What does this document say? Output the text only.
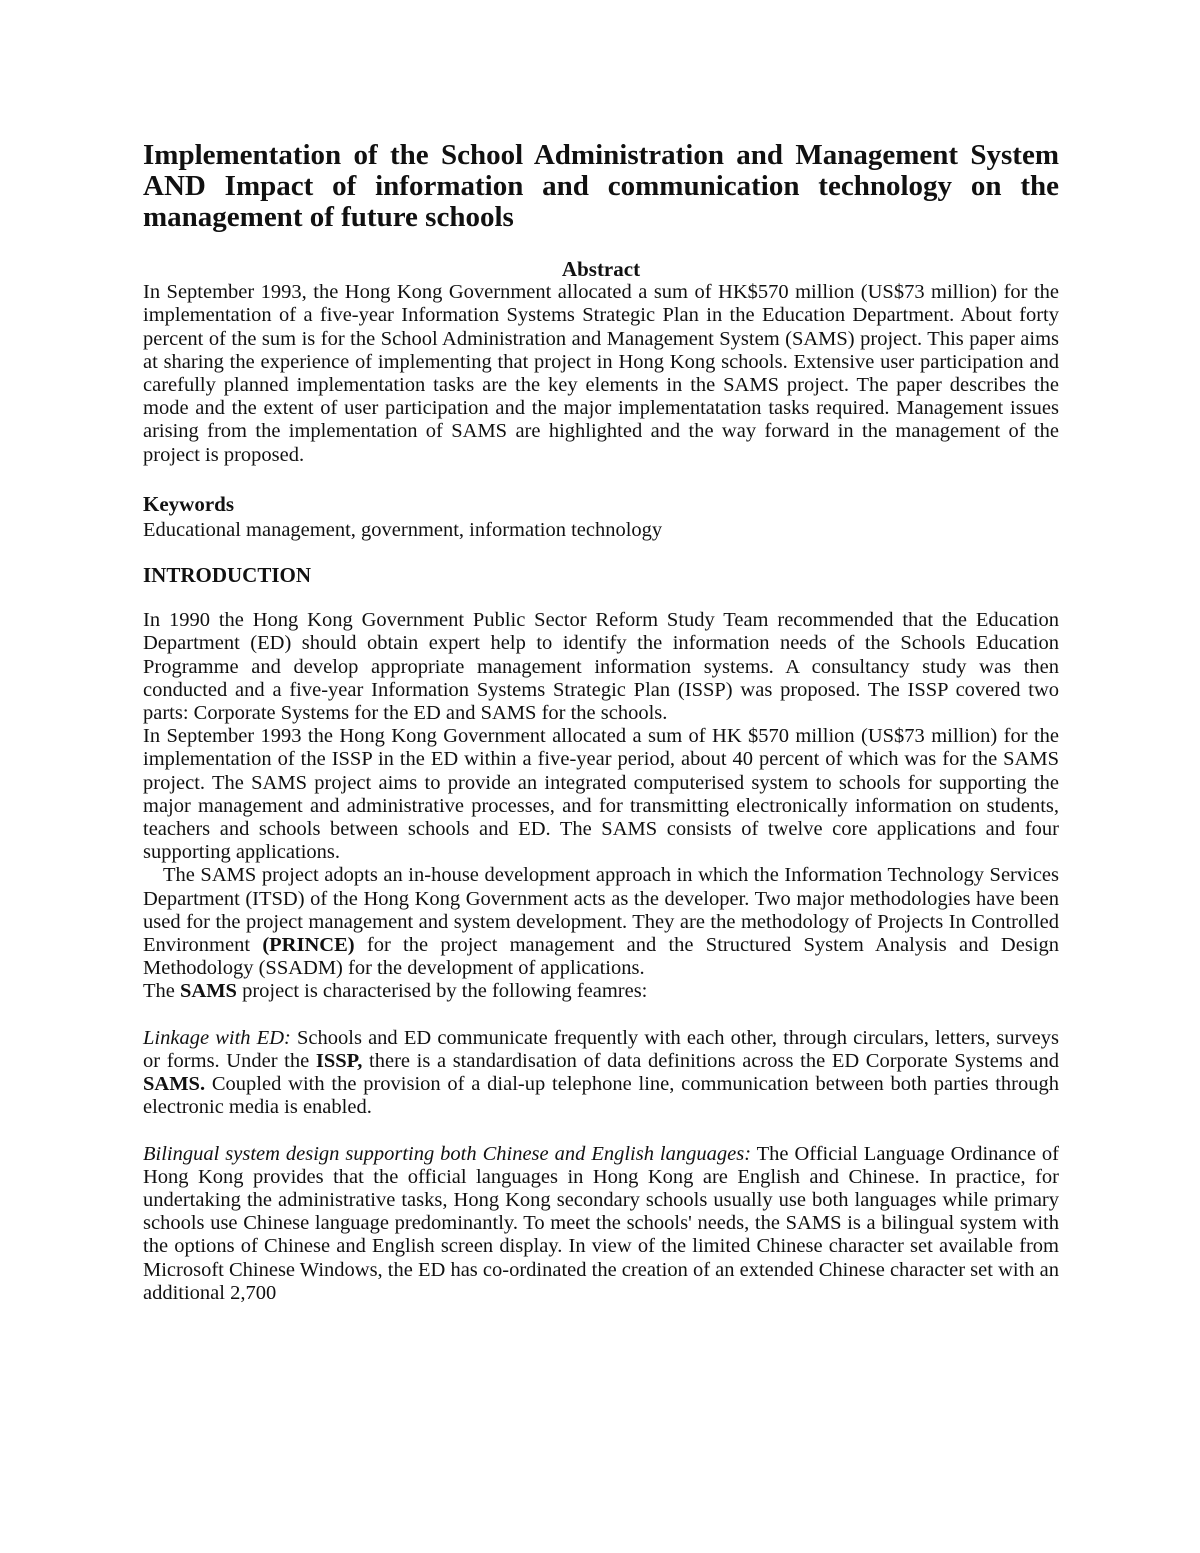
Implementation of the School Administration and Management System AND Impact of information and communication technology on the management of future schools
Abstract

In September 1993, the Hong Kong Government allocated a sum of HK$570 million (US$73 million) for the implementation of a five-year Information Systems Strategic Plan in the Education Department. About forty percent of the sum is for the School Administration and Management System (SAMS) project. This paper aims at sharing the experience of implementing that project in Hong Kong schools. Extensive user participation and carefully planned implementation tasks are the key elements in the SAMS project. The paper describes the mode and the extent of user participation and the major implementatation tasks required. Management issues arising from the implementation of SAMS are highlighted and the way forward in the management of the project is proposed.

Keywords

Educational management, government, information technology

INTRODUCTION

In 1990 the Hong Kong Government Public Sector Reform Study Team recommended that the Education Department (ED) should obtain expert help to identify the information needs of the Schools Education Programme and develop appropriate management information systems. A consultancy study was then conducted and a five-year Information Systems Strategic Plan (ISSP) was proposed. The ISSP covered two parts: Corporate Systems for the ED and SAMS for the schools.

In September 1993 the Hong Kong Government allocated a sum of HK $570 million (US$73 million) for the implementation of the ISSP in the ED within a five-year period, about 40 percent of which was for the SAMS project. The SAMS project aims to provide an integrated computerised system to schools for supporting the major management and administrative processes, and for transmitting electronically information on students, teachers and schools between schools and ED. The SAMS consists of twelve core applications and four supporting applications.

The SAMS project adopts an in-house development approach in which the Information Technology Services Department (ITSD) of the Hong Kong Government acts as the developer. Two major methodologies have been used for the project management and system development. They are the methodology of Projects In Controlled Environment (PRINCE) for the project management and the Structured System Analysis and Design Methodology (SSADM) for the development of applications.

The SAMS project is characterised by the following feamres:

Linkage with ED: Schools and ED communicate frequently with each other, through circulars, letters, surveys or forms. Under the ISSP, there is a standardisation of data definitions across the ED Corporate Systems and SAMS. Coupled with the provision of a dial-up telephone line, communication between both parties through electronic media is enabled.

Bilingual system design supporting both Chinese and English languages: The Official Language Ordinance of Hong Kong provides that the official languages in Hong Kong are English and Chinese. In practice, for undertaking the administrative tasks, Hong Kong secondary schools usually use both languages while primary schools use Chinese language predominantly. To meet the schools' needs, the SAMS is a bilingual system with the options of Chinese and English screen display. In view of the limited Chinese character set available from Microsoft Chinese Windows, the ED has co-ordinated the creation of an extended Chinese character set with an additional 2,700
